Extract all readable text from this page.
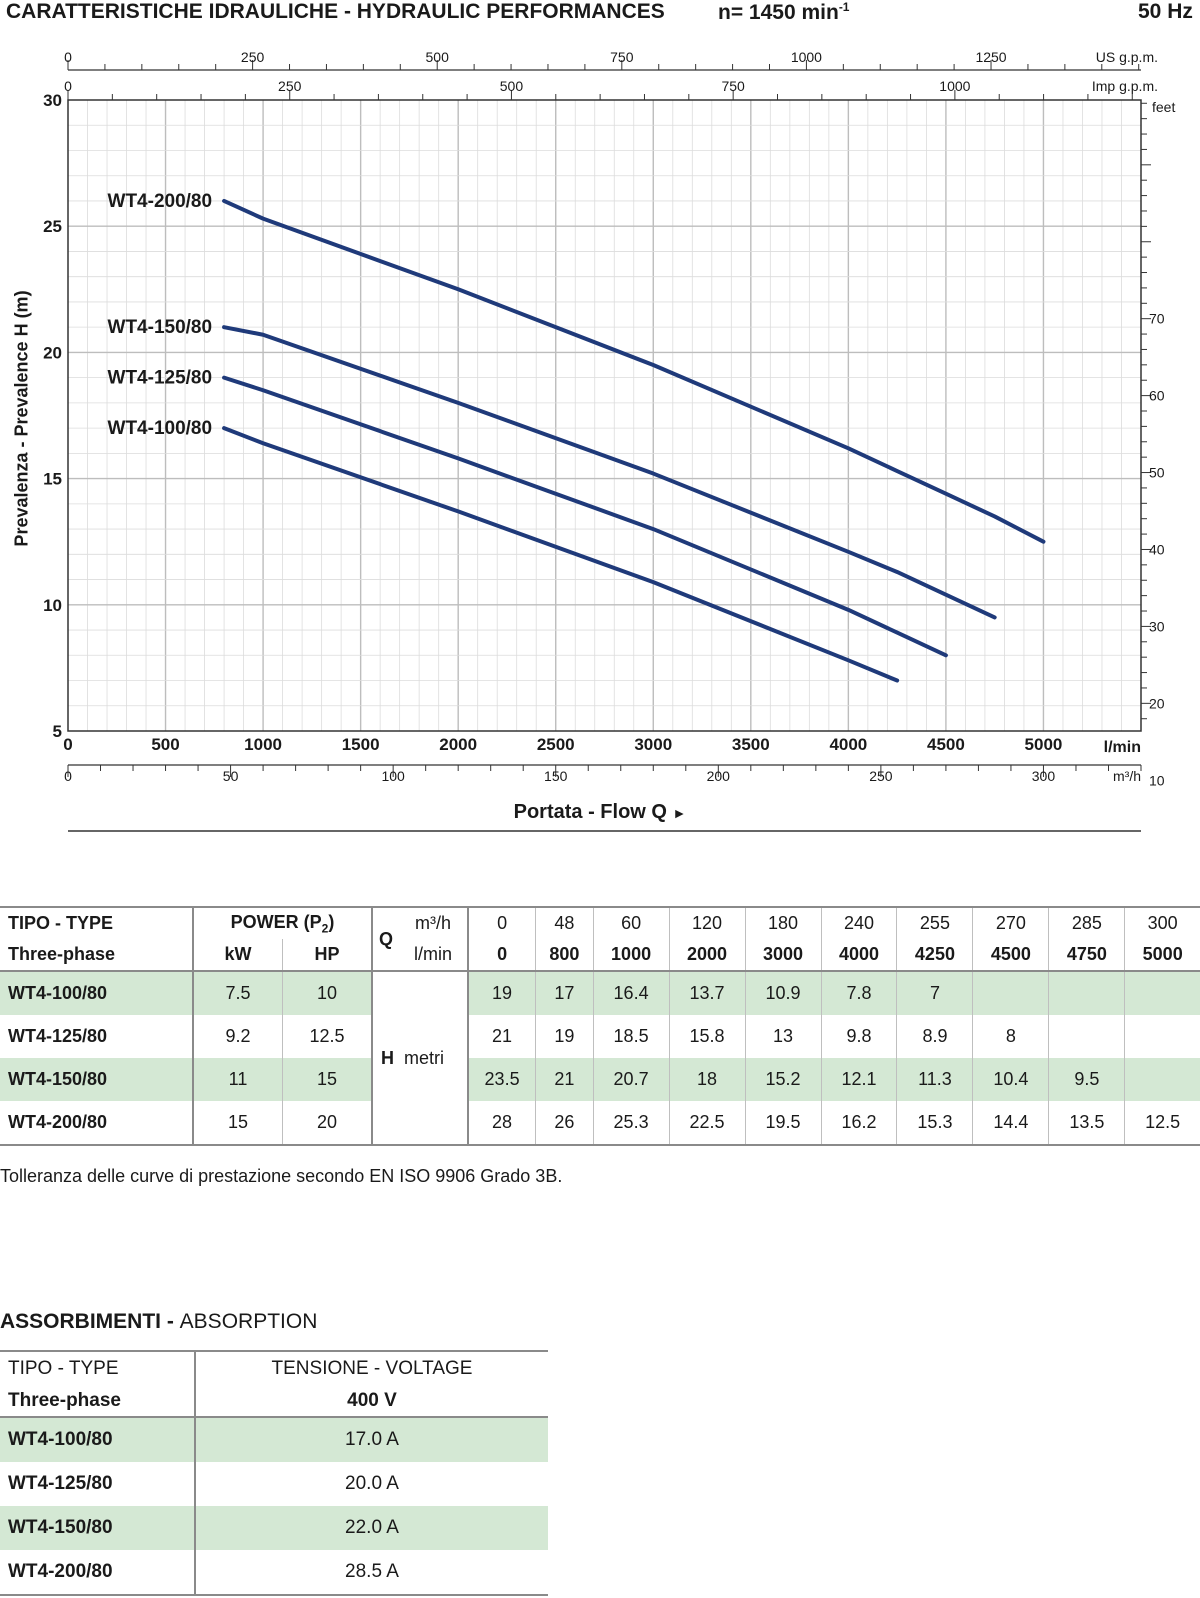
CARATTERISTICHE IDRAULICHE - HYDRAULIC PERFORMANCES	n= 1450 $\min^{-1}$	50 Hz
5
10
15
20
25
30
0	500	1000	1500	2000	2500	3000	3500	4000	4500	5000	l/min
0	50	100	150	200	250	300	m³/h
0	250	500	750	1000	1250	US g.p.m.
0	250	500	750	1000	Imp g.p.m.
10
20
30
40
50
60
70
feet
WT4-200/80
WT4-150/80
WT4-125/80
WT4-100/80
Prevalenza - Prevalence H (m)
Portata - Flow Q ►
TIPO - TYPE	POWER $(P_2)$		Q	m³/h	0	48	60	120	180	240	255	270	285	300
Three-phase	kW	HP		l/min	0	800	1000	2000	3000	4000	4250	4500	4750	5000
WT4-100/80	7.5	10	H metri		19	17	16.4	13.7	10.9	7.8	7			
WT4-125/80	9.2	12.5			21	19	18.5	15.8	13	9.8	8.9	8		
WT4-150/80	11	15			23.5	21	20.7	18	15.2	12.1	11.3	10.4	9.5	
WT4-200/80	15	20			28	26	25.3	22.5	19.5	16.2	15.3	14.4	13.5	12.5
Tolleranza delle curve di prestazione secondo EN ISO 9906 Grado 3B.
ASSORBIMENTI - ABSORPTION
TIPO - TYPE	TENSIONE - VOLTAGE
Three-phase	400 V
WT4-100/80	17.0 A
WT4-125/80	20.0 A
WT4-150/80	22.0 A
WT4-200/80	28.5 A
